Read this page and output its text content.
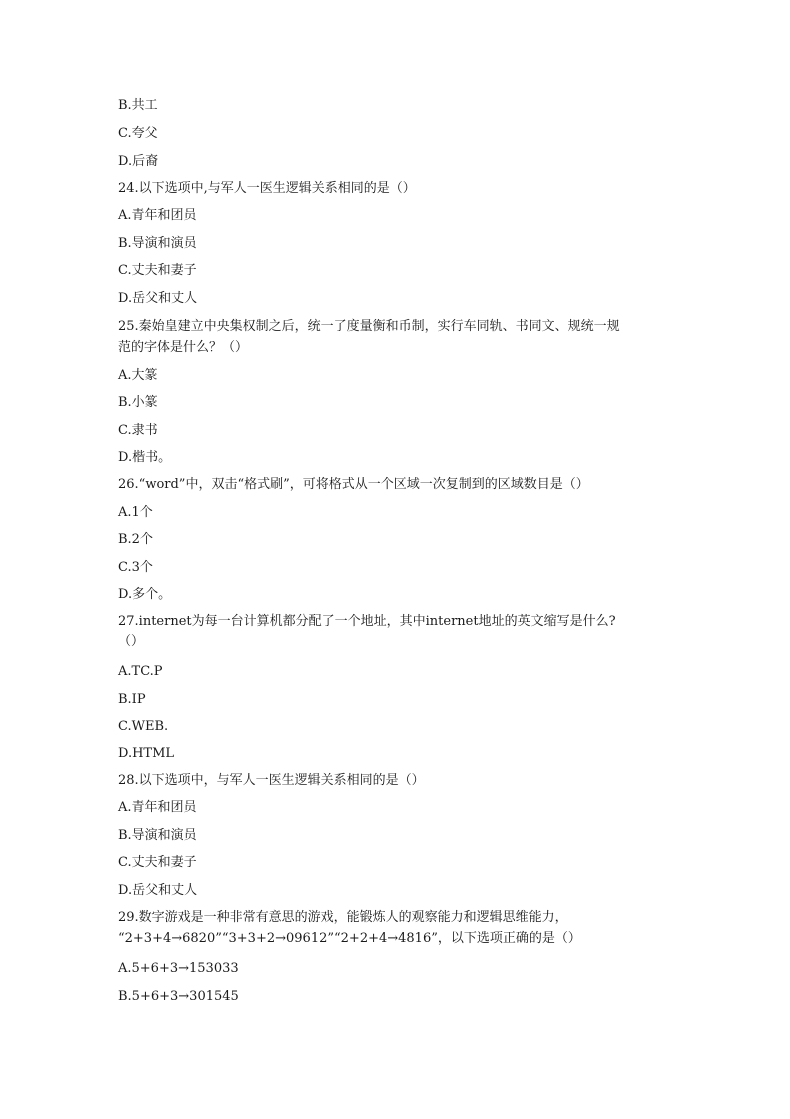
B.共工
C.夸父
D.后裔
24.以下选项中,与军人一医生逻辑关系相同的是（）
A.青年和团员
B.导演和演员
C.丈夫和妻子
D.岳父和丈人
25.秦始皇建立中央集权制之后，统一了度量衡和币制，实行车同轨、书同文、规统一规
范的字体是什么？（）
A.大篆
B.小篆
C.隶书
D.楷书。
26.“word”中，双击“格式刷”，可将格式从一个区域一次复制到的区域数目是（）
A.1个
B.2个
C.3个
D.多个。
27.internet为每一台计算机都分配了一个地址，其中internet地址的英文缩写是什么?
（）
A.TC.P
B.IP
C.WEB.
D.HTML
28.以下选项中，与军人一医生逻辑关系相同的是（）
A.青年和团员
B.导演和演员
C.丈夫和妻子
D.岳父和丈人
29.数字游戏是一种非常有意思的游戏，能锻炼人的观察能力和逻辑思维能力，
“2+3+4→6820”“3+3+2→09612”“2+2+4→4816”，以下选项正确的是（）
A.5+6+3→153033
B.5+6+3→301545
